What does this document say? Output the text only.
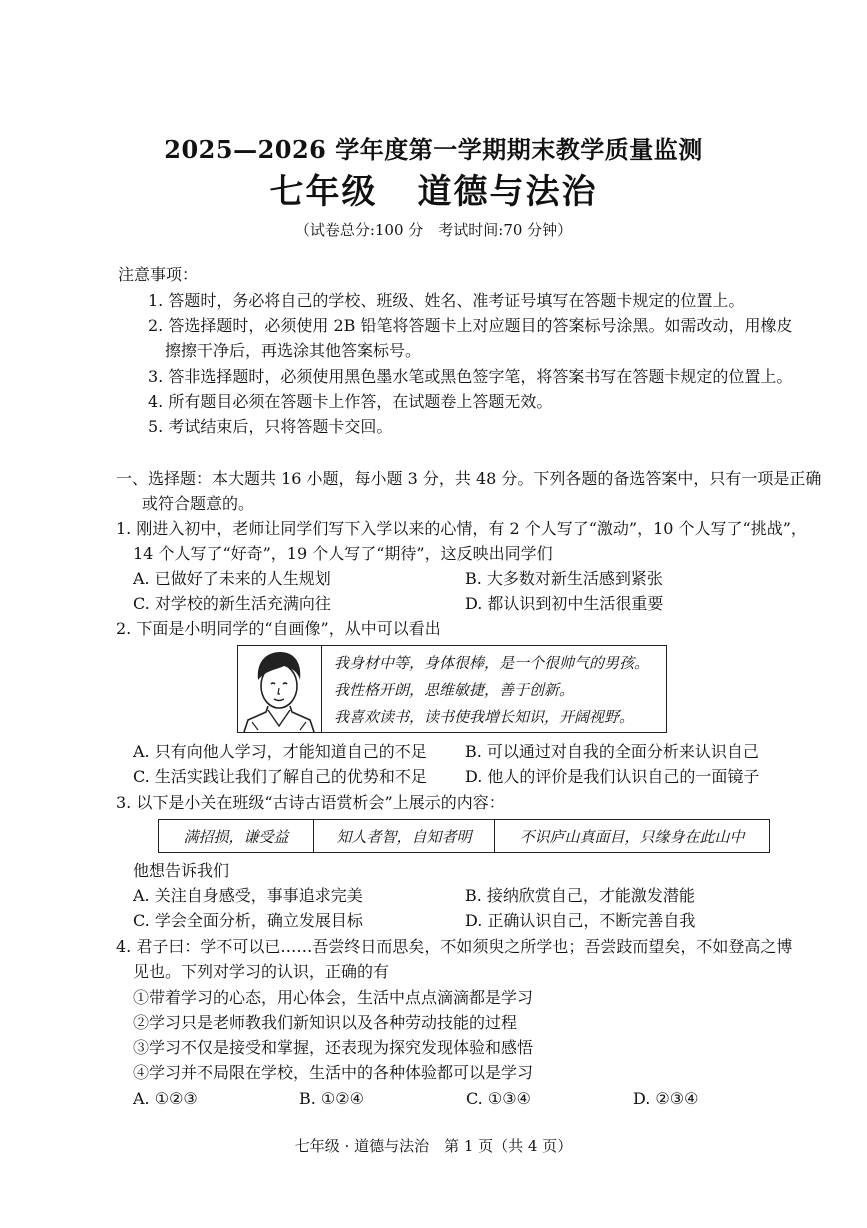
2025—2026 学年度第一学期期末教学质量监测
七年级 道德与法治
（试卷总分:100 分　考试时间:70 分钟）
注意事项：
1. 答题时，务必将自己的学校、班级、姓名、准考证号填写在答题卡规定的位置上。
2. 答选择题时，必须使用 2B 铅笔将答题卡上对应题目的答案标号涂黑。如需改动，用橡皮
擦擦干净后，再选涂其他答案标号。
3. 答非选择题时，必须使用黑色墨水笔或黑色签字笔，将答案书写在答题卡规定的位置上。
4. 所有题目必须在答题卡上作答，在试题卷上答题无效。
5. 考试结束后，只将答题卡交回。
一、选择题：本大题共 16 小题，每小题 3 分，共 48 分。下列各题的备选答案中，只有一项是正确
或符合题意的。
1. 刚进入初中，老师让同学们写下入学以来的心情，有 2 个人写了“激动”，10 个人写了“挑战”，
14 个人写了“好奇”，19 个人写了“期待”，这反映出同学们
A. 已做好了未来的人生规划	B. 大多数对新生活感到紧张
C. 对学校的新生活充满向往	D. 都认识到初中生活很重要
2. 下面是小明同学的“自画像”，从中可以看出
我身材中等，身体很棒，是一个很帅气的男孩。
我性格开朗，思维敏捷，善于创新。
我喜欢读书，读书使我增长知识，开阔视野。
A. 只有向他人学习，才能知道自己的不足 B. 可以通过对自我的全面分析来认识自己
C. 生活实践让我们了解自己的优势和不足 D. 他人的评价是我们认识自己的一面镜子
3. 以下是小关在班级“古诗古语赏析会”上展示的内容：
满招损，谦受益	知人者智，自知者明	不识庐山真面目，只缘身在此山中
他想告诉我们
A. 关注自身感受，事事追求完美	B. 接纳欣赏自己，才能激发潜能
C. 学会全面分析，确立发展目标	D. 正确认识自己，不断完善自我
4. 君子曰：学不可以已……吾尝终日而思矣，不如须臾之所学也；吾尝跂而望矣，不如登高之博
见也。下列对学习的认识，正确的有
①带着学习的心态，用心体会，生活中点点滴滴都是学习
②学习只是老师教我们新知识以及各种劳动技能的过程
③学习不仅是接受和掌握，还表现为探究发现体验和感悟
④学习并不局限在学校，生活中的各种体验都可以是学习
A. ①②③	B. ①②④	C. ①③④	D. ②③④
七年级 · 道德与法治　第 1 页（共 4 页）
